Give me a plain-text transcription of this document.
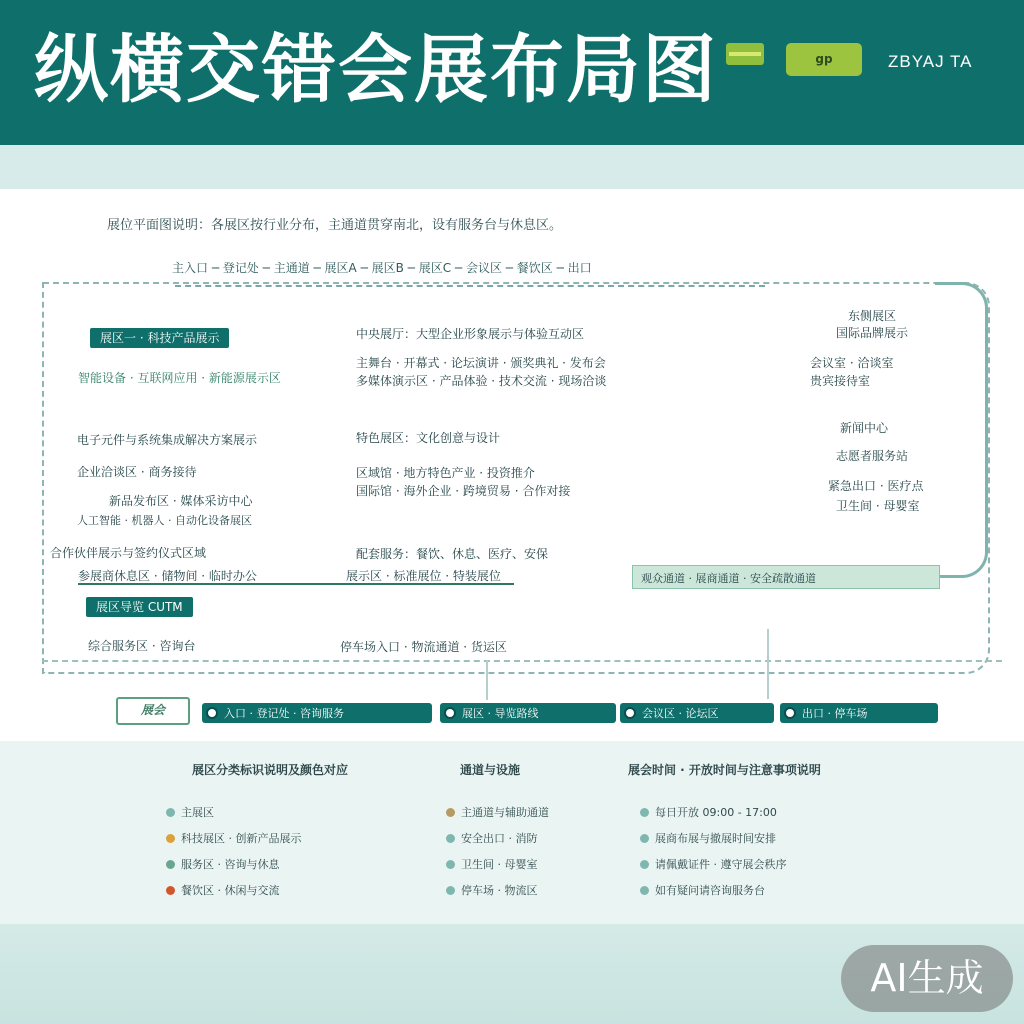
纵横交错会展布局图	gp	ZBYAJ TA
展位平面图说明：各展区按行业分布，主通道贯穿南北，设有服务台与休息区。
主入口 ─ 登记处 ─ 主通道 ─ 展区A ─ 展区B ─ 展区C ─ 会议区 ─ 餐饮区 ─ 出口
展区一 · 科技产品展示
智能设备 · 互联网应用 · 新能源展示区
电子元件与系统集成解决方案展示
企业洽谈区 · 商务接待
新品发布区 · 媒体采访中心
人工智能 · 机器人 · 自动化设备展区
合作伙伴展示与签约仪式区域
参展商休息区 · 储物间 · 临时办公
展区导览 CUTM
综合服务区 · 咨询台
中央展厅：大型企业形象展示与体验互动区
主舞台 · 开幕式 · 论坛演讲 · 颁奖典礼 · 发布会
多媒体演示区 · 产品体验 · 技术交流 · 现场洽谈
特色展区：文化创意与设计
区域馆 · 地方特色产业 · 投资推介
国际馆 · 海外企业 · 跨境贸易 · 合作对接
配套服务：餐饮、休息、医疗、安保
展示区 · 标准展位 · 特装展位
停车场入口 · 物流通道 · 货运区
东侧展区
国际品牌展示
会议室 · 洽谈室
贵宾接待室
新闻中心
志愿者服务站
紧急出口 · 医疗点
卫生间 · 母婴室
观众通道 · 展商通道 · 安全疏散通道
展会	入口 · 登记处 · 咨询服务	展区 · 导览路线	会议区 · 论坛区	出口 · 停车场
展区分类标识说明及颜色对应	通道与设施	展会时间 · 开放时间与注意事项说明
主展区
科技展区 · 创新产品展示
服务区 · 咨询与休息
餐饮区 · 休闲与交流
主通道与辅助通道
安全出口 · 消防
卫生间 · 母婴室
停车场 · 物流区
每日开放 09:00 - 17:00
展商布展与撤展时间安排
请佩戴证件 · 遵守展会秩序
如有疑问请咨询服务台
AI生成
